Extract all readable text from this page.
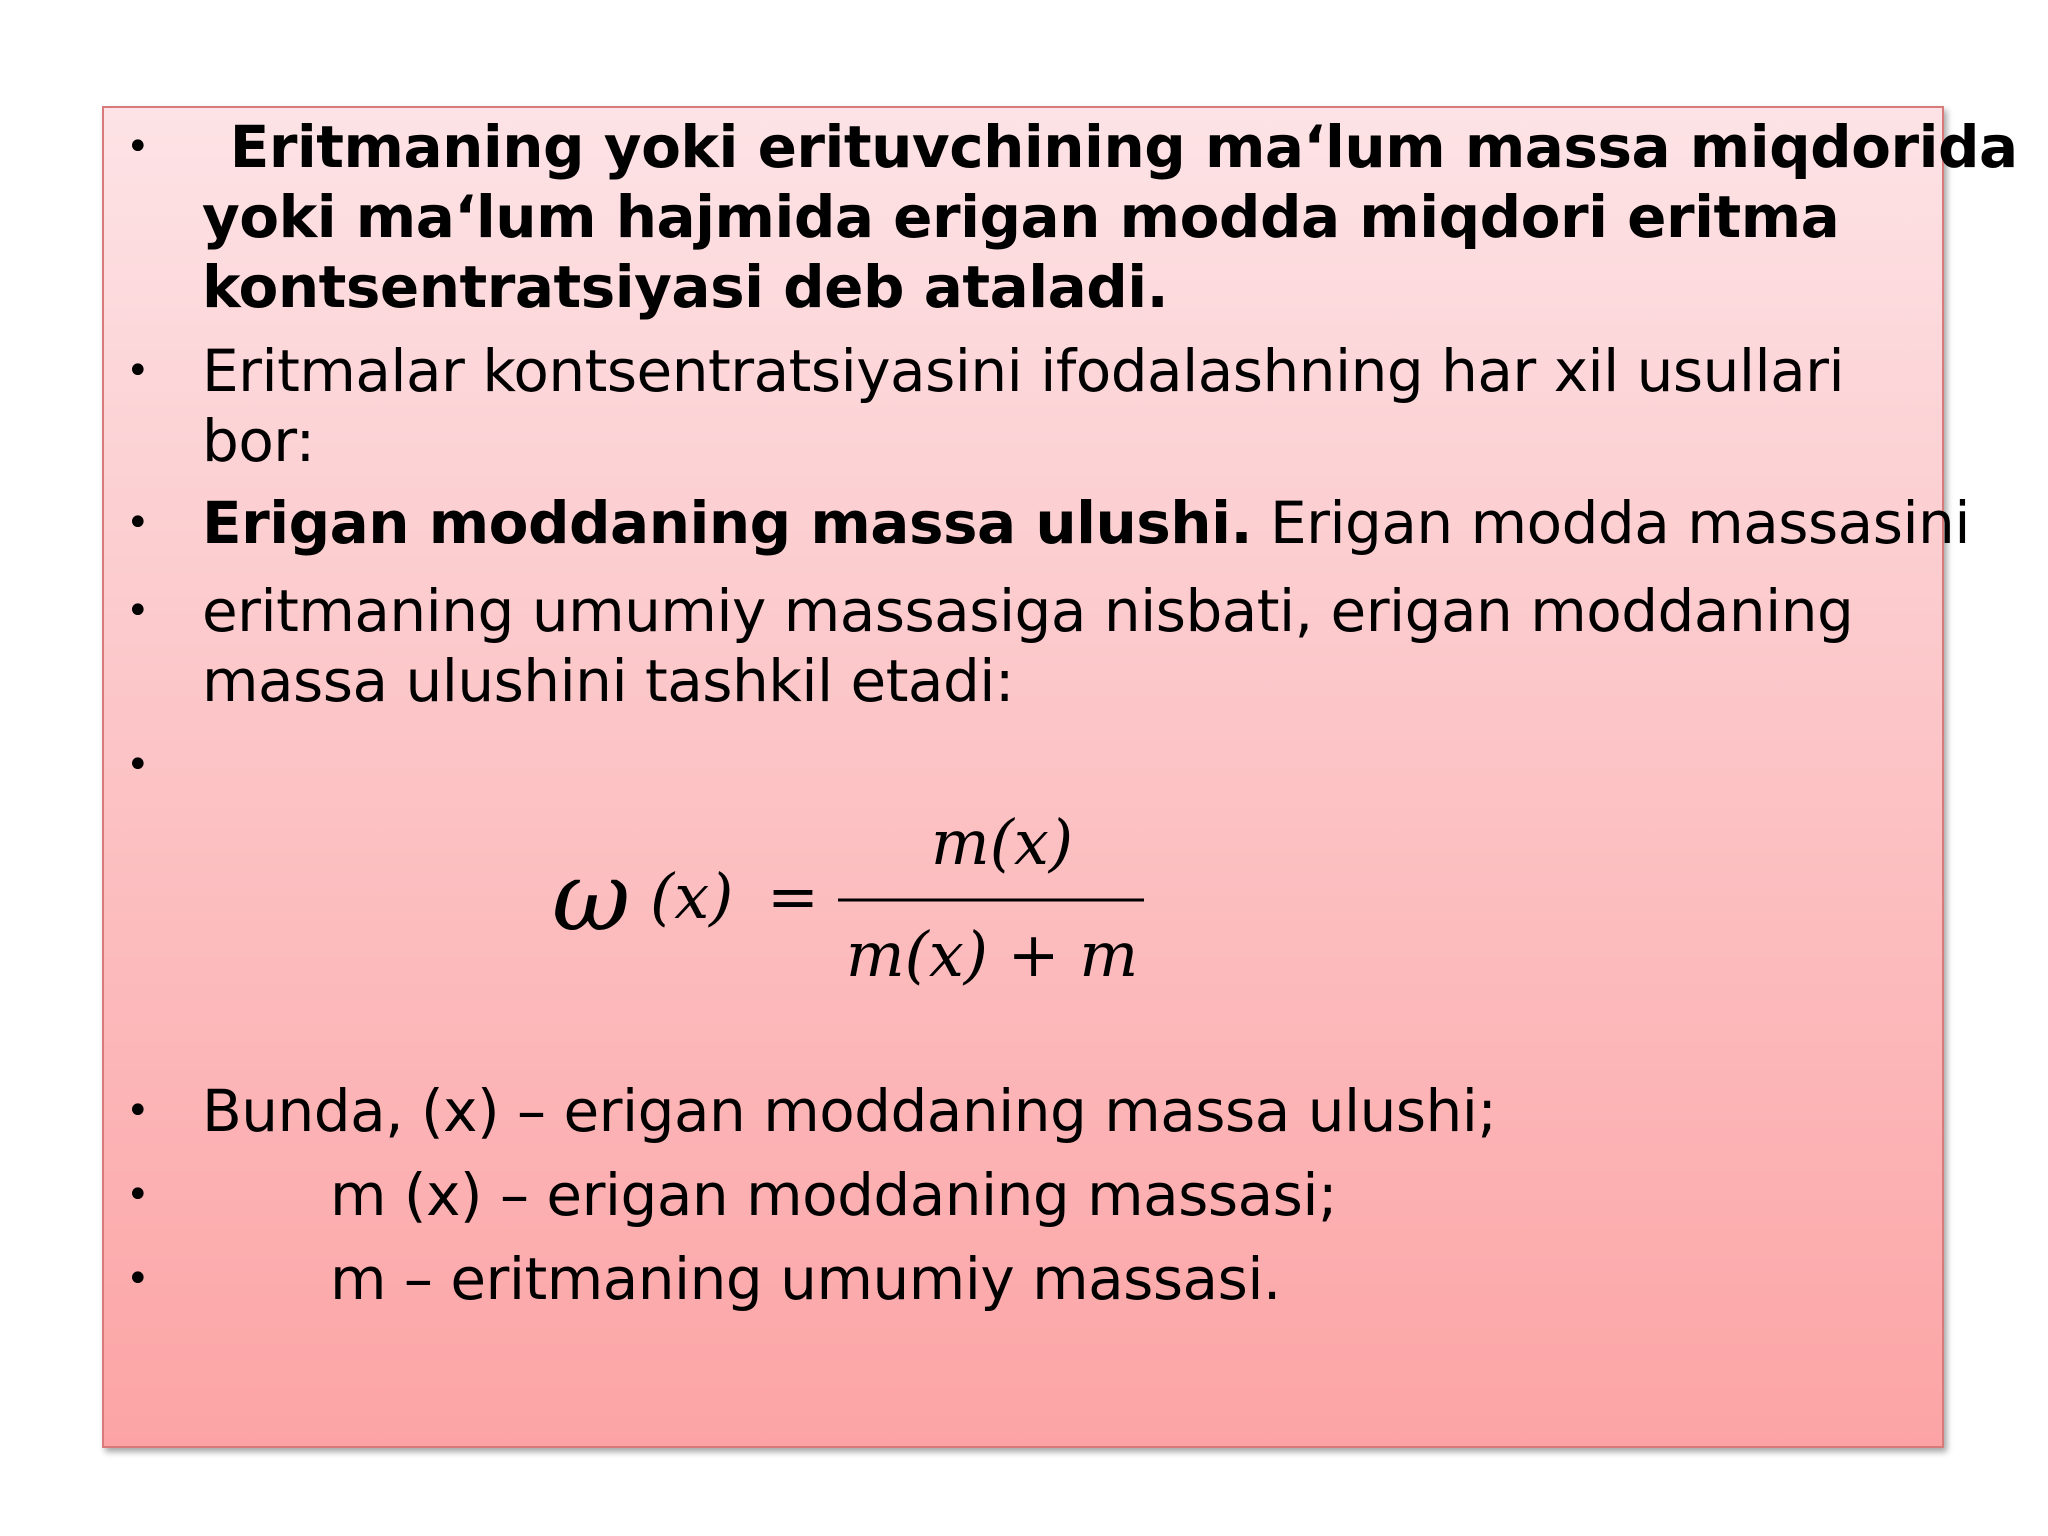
• Eritmaning yoki erituvchining ma‘lum massa miqdorida
yoki ma‘lum hajmida erigan modda miqdori eritma
kontsentratsiyasi deb ataladi.
• Eritmalar kontsentratsiyasini ifodalashning har xil usullari
bor:
• Erigan moddaning massa ulushi. Erigan modda massasini
• eritmaning umumiy massasiga nisbati, erigan moddaning
massa ulushini tashkil etadi:
•
ω (x) =
m(x)
m(x) + m
• Bunda, (x) – erigan moddaning massa ulushi;
•	m (x) – erigan moddaning massasi;
•	m – eritmaning umumiy massasi.
